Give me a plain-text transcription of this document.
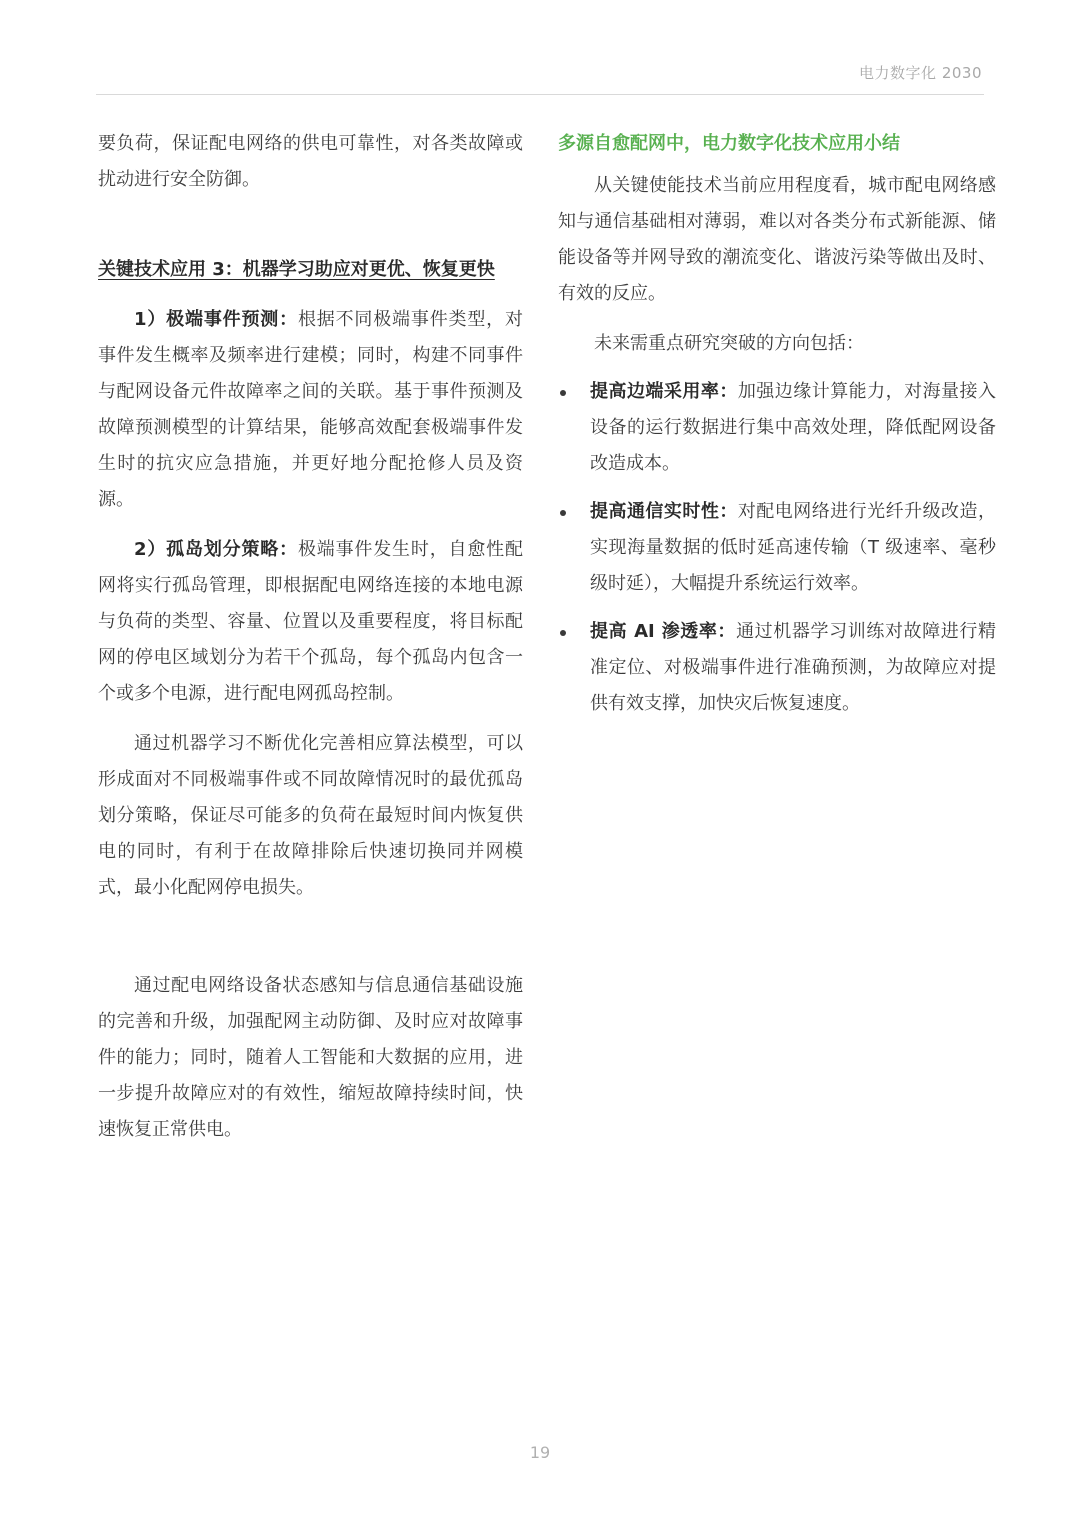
电力数字化 2030

要负荷，保证配电网络的供电可靠性，对各类故障或扰动进行安全防御。

关键技术应用 3：机器学习助应对更优、恢复更快

1）极端事件预测：根据不同极端事件类型，对事件发生概率及频率进行建模；同时，构建不同事件与配网设备元件故障率之间的关联。基于事件预测及故障预测模型的计算结果，能够高效配套极端事件发生时的抗灾应急措施，并更好地分配抢修人员及资源。

2）孤岛划分策略：极端事件发生时，自愈性配网将实行孤岛管理，即根据配电网络连接的本地电源与负荷的类型、容量、位置以及重要程度，将目标配网的停电区域划分为若干个孤岛，每个孤岛内包含一个或多个电源，进行配电网孤岛控制。

通过机器学习不断优化完善相应算法模型，可以形成面对不同极端事件或不同故障情况时的最优孤岛划分策略，保证尽可能多的负荷在最短时间内恢复供电的同时，有利于在故障排除后快速切换同并网模式，最小化配网停电损失。

通过配电网络设备状态感知与信息通信基础设施的完善和升级，加强配网主动防御、及时应对故障事件的能力；同时，随着人工智能和大数据的应用，进一步提升故障应对的有效性，缩短故障持续时间，快速恢复正常供电。

多源自愈配网中，电力数字化技术应用小结

从关键使能技术当前应用程度看，城市配电网络感知与通信基础相对薄弱，难以对各类分布式新能源、储能设备等并网导致的潮流变化、谐波污染等做出及时、有效的反应。

未来需重点研究突破的方向包括：

提高边端采用率：加强边缘计算能力，对海量接入设备的运行数据进行集中高效处理，降低配网设备改造成本。
提高通信实时性：对配电网络进行光纤升级改造，实现海量数据的低时延高速传输（T 级速率、毫秒级时延），大幅提升系统运行效率。
提高 AI 渗透率：通过机器学习训练对故障进行精准定位、对极端事件进行准确预测，为故障应对提供有效支撑，加快灾后恢复速度。
19
